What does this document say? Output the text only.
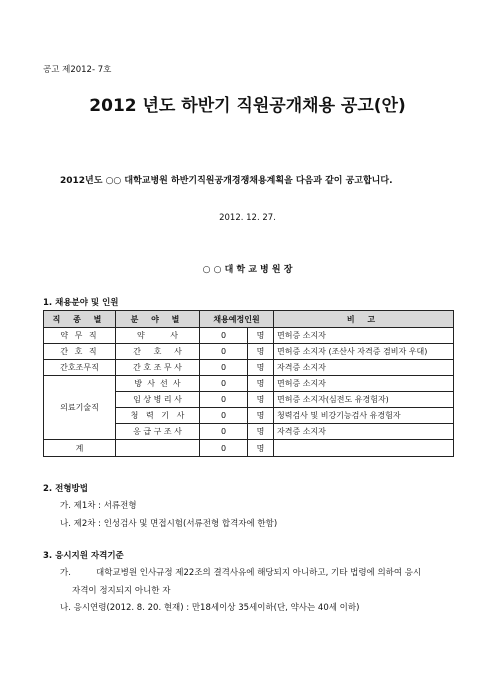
공고 제2012- 7호
2012 년도 하반기 직원공개채용 공고(안)
2012년도 ○○ 대학교병원 하반기직원공개경쟁채용계획을 다음과 같이 공고합니다.
2012. 12. 27.
○ ○ 대 학 교 병 원 장
1. 채용분야 및 인원
직 종 별	분 야 별	채용예정인원		비 고
약 무 직	약          사	0	명	면허증 소지자
간 호 직	간     호     사	0	명	면허증 소지자 (조산사 자격증 겸비자 우대)
간호조무직	간 호 조 무 사	0	명	자격증 소지자
의료기술직	방  사  선  사	0	명	면허증 소지자
	임 상 병 리 사	0	명	면허증 소지자(심전도 유경험자)
	청   력   기   사	0	명	청력검사 및 비강기능검사 유경험자
	응 급 구 조 사	0	명	자격증 소지자
계		0	명	
2. 전형방법
가. 제1차 : 서류전형
나. 제2차 : 인성검사 및 면접시험(서류전형 합격자에 한함)
3. 응시지원 자격기준
가.	대학교병원 인사규정 제22조의 결격사유에 해당되지 아니하고, 기타 법령에 의하여 응시
자격이 정지되지 아니한 자
나. 응시연령(2012. 8. 20. 현재) : 만18세이상 35세이하(단, 약사는 40세 이하)
